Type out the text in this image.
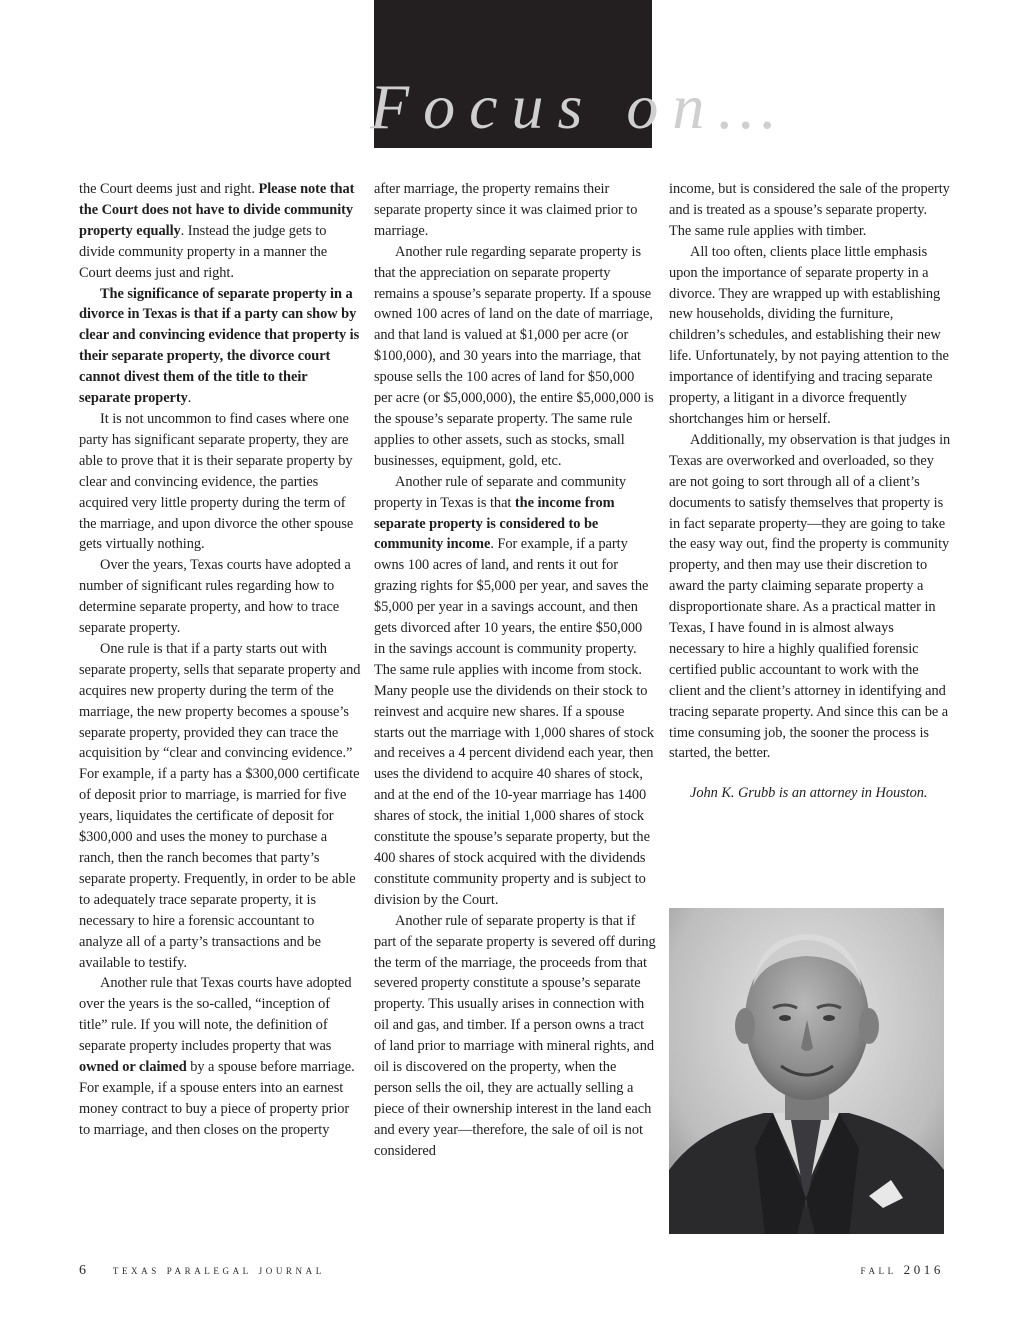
Focus on…

the Court deems just and right. Please note that the Court does not have to divide community property equally. Instead the judge gets to divide community property in a manner the Court deems just and right.

The significance of separate property in a divorce in Texas is that if a party can show by clear and convincing evidence that property is their separate property, the divorce court cannot divest them of the title to their separate property.

It is not uncommon to find cases where one party has significant separate property, they are able to prove that it is their separate property by clear and convincing evidence, the parties acquired very little property during the term of the marriage, and upon divorce the other spouse gets virtually nothing.

Over the years, Texas courts have adopted a number of significant rules regarding how to determine separate property, and how to trace separate property.

One rule is that if a party starts out with separate property, sells that separate property and acquires new property during the term of the marriage, the new property becomes a spouse’s separate property, provided they can trace the acquisition by “clear and convincing evidence.” For example, if a party has a $300,000 certificate of deposit prior to marriage, is married for five years, liquidates the certificate of deposit for $300,000 and uses the money to purchase a ranch, then the ranch becomes that party’s separate property. Frequently, in order to be able to adequately trace separate property, it is necessary to hire a forensic accountant to analyze all of a party’s transactions and be available to testify.

Another rule that Texas courts have adopted over the years is the so-called, “inception of title” rule. If you will note, the definition of separate property includes property that was owned or claimed by a spouse before marriage. For example, if a spouse enters into an earnest money contract to buy a piece of property prior to marriage, and then closes on the property

after marriage, the property remains their separate property since it was claimed prior to marriage.

Another rule regarding separate property is that the appreciation on separate property remains a spouse’s separate property. If a spouse owned 100 acres of land on the date of marriage, and that land is valued at $1,000 per acre (or $100,000), and 30 years into the marriage, that spouse sells the 100 acres of land for $50,000 per acre (or $5,000,000), the entire $5,000,000 is the spouse’s separate property. The same rule applies to other assets, such as stocks, small businesses, equipment, gold, etc.

Another rule of separate and community property in Texas is that the income from separate property is considered to be community income. For example, if a party owns 100 acres of land, and rents it out for grazing rights for $5,000 per year, and saves the $5,000 per year in a savings account, and then gets divorced after 10 years, the entire $50,000 in the savings account is community property. The same rule applies with income from stock. Many people use the dividends on their stock to reinvest and acquire new shares. If a spouse starts out the marriage with 1,000 shares of stock and receives a 4 percent dividend each year, then uses the dividend to acquire 40 shares of stock, and at the end of the 10-year marriage has 1400 shares of stock, the initial 1,000 shares of stock constitute the spouse’s separate property, but the 400 shares of stock acquired with the dividends constitute community property and is subject to division by the Court.

Another rule of separate property is that if part of the separate property is severed off during the term of the marriage, the proceeds from that severed property constitute a spouse’s separate property. This usually arises in connection with oil and gas, and timber. If a person owns a tract of land prior to marriage with mineral rights, and oil is discovered on the property, when the person sells the oil, they are actually selling a piece of their ownership interest in the land each and every year—therefore, the sale of oil is not considered

income, but is considered the sale of the property and is treated as a spouse’s separate property. The same rule applies with timber.

All too often, clients place little emphasis upon the importance of separate property in a divorce. They are wrapped up with establishing new households, dividing the furniture, children’s schedules, and establishing their new life. Unfortunately, by not paying attention to the importance of identifying and tracing separate property, a litigant in a divorce frequently shortchanges him or herself.

Additionally, my observation is that judges in Texas are overworked and overloaded, so they are not going to sort through all of a client’s documents to satisfy themselves that property is in fact separate property—they are going to take the easy way out, find the property is community property, and then may use their discretion to award the party claiming separate property a disproportionate share. As a practical matter in Texas, I have found in is almost always necessary to hire a highly qualified forensic certified public accountant to work with the client and the client’s attorney in identifying and tracing separate property. And since this can be a time consuming job, the sooner the process is started, the better.

John K. Grubb is an attorney in Houston.

6 texas paralegal journal	fall 2016
